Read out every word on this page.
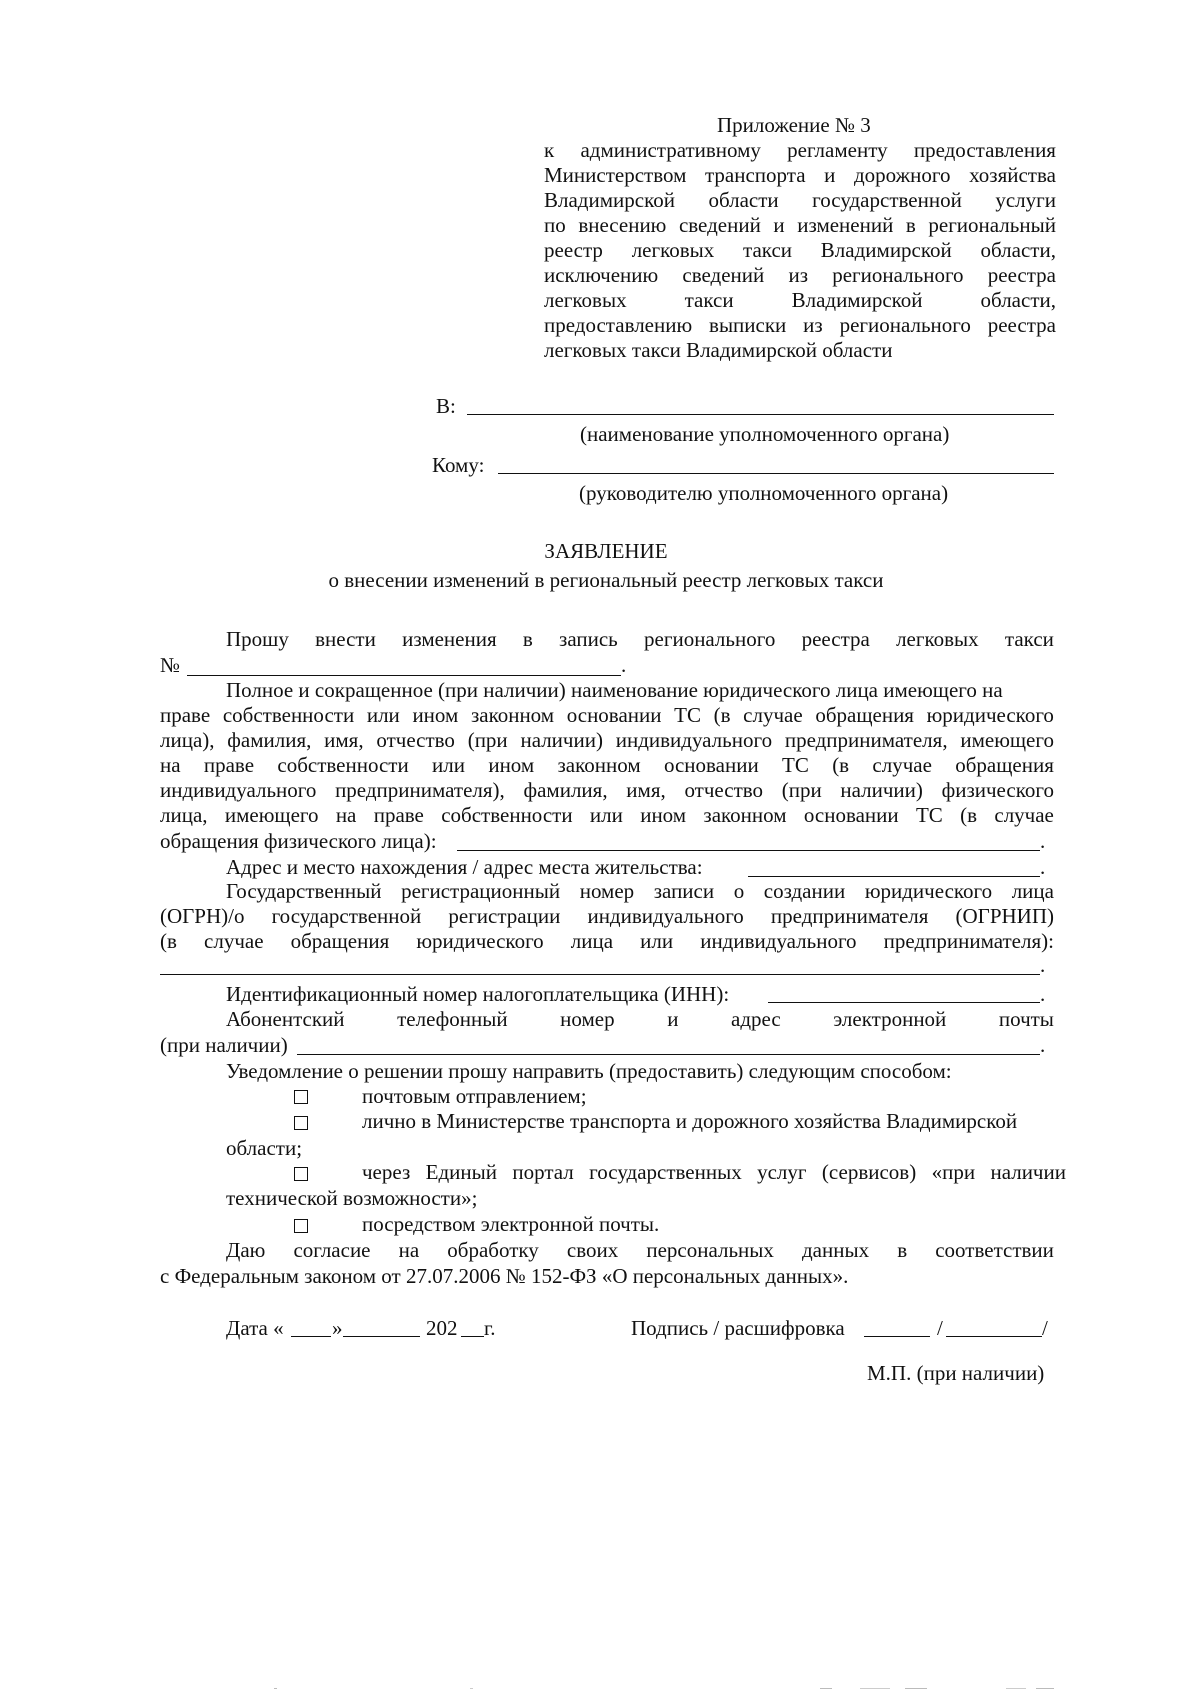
Приложение № 3
к административному регламенту предоставления
Министерством транспорта и дорожного хозяйства
Владимирской области государственной услуги
по внесению сведений и изменений в региональный
реестр легковых такси Владимирской области,
исключению сведений из регионального реестра
легковых	такси	Владимирской	области,
предоставлению выписки из регионального реестра
легковых такси Владимирской области
В:
(наименование уполномоченного органа)
Кому:
(руководителю уполномоченного органа)
ЗАЯВЛЕНИЕ
о внесении изменений в региональный реестр легковых такси
Прошу внести изменения в запись регионального реестра легковых такси
№	.
Полное и сокращенное (при наличии) наименование юридического лица имеющего на
праве собственности или ином законном основании ТС (в случае обращения юридического
лица), фамилия, имя, отчество (при наличии) индивидуального предпринимателя, имеющего
на праве собственности или ином законном основании ТС (в случае обращения
индивидуального предпринимателя), фамилия, имя, отчество (при наличии) физического
лица, имеющего на праве собственности или ином законном основании ТС (в случае
обращения физического лица):	.
Адрес и место нахождения / адрес места жительства:	.
Государственный регистрационный номер записи о создании юридического лица
(ОГРН)/о государственной регистрации индивидуального предпринимателя (ОГРНИП)
(в случае обращения юридического лица или индивидуального предпринимателя):
.
Идентификационный номер налогоплательщика (ИНН):	.
Абонентский	телефонный	номер	и	адрес	электронной	почты
(при наличии)	.
Уведомление о решении прошу направить (предоставить) следующим способом:
почтовым отправлением;
лично в Министерстве транспорта и дорожного хозяйства Владимирской
области;
через Единый портал государственных услуг (сервисов) «при наличии
технической возможности»;
посредством электронной почты.
Даю согласие на обработку своих персональных данных в соответствии
с Федеральным законом от 27.07.2006 № 152-ФЗ «О персональных данных».
Дата « »	202 г.	Подпись / расшифровка	/	/
М.П. (при наличии)
